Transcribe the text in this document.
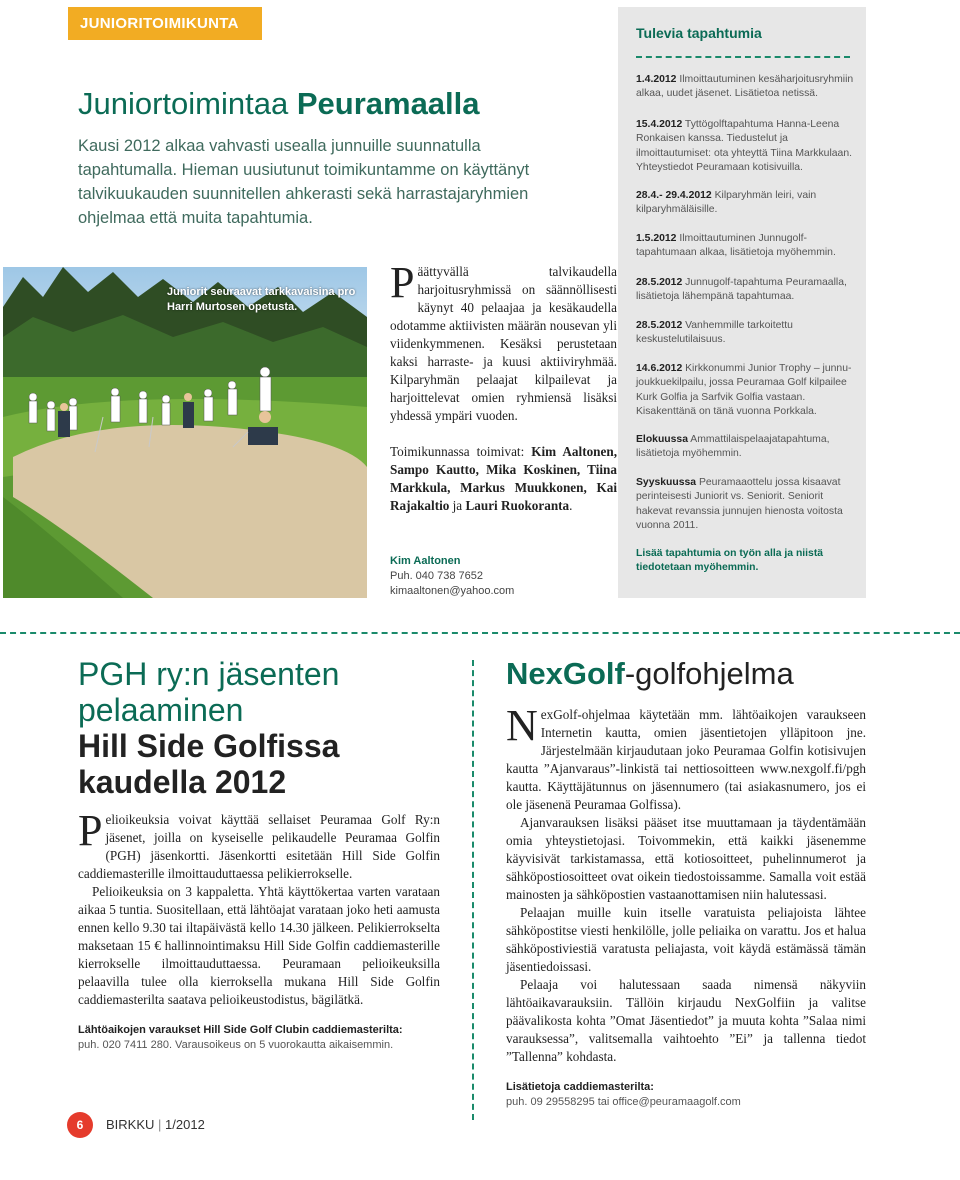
JUNIORITOIMIKUNTA
Juniortoimintaa Peuramaalla
Kausi 2012 alkaa vahvasti usealla junnuille suunnatulla tapahtumalla. Hieman uusiutunut toimikuntamme on käyttänyt talvikuukauden suunnitellen ahkerasti sekä harrastajaryhmien ohjelmaa että muita tapahtumia.
Juniorit seuraavat tarkkavaisina pro Harri Murtosen opetusta.	Päättyvällä talvikaudella harjoitusryhmissä on säännöllisesti käynyt 40 pelaajaa ja kesäkaudella odotamme aktiivisten määrän nousevan yli viidenkymmenen. Kesäksi perustetaan kaksi harraste- ja kuusi aktiiviryhmää. Kilparyhmän pelaajat kilpailevat ja harjoittelevat omien ryhmiensä lisäksi yhdessä ympäri vuoden.

Toimikunnassa toimivat: Kim Aaltonen, Sampo Kautto, Mika Koskinen, Tiina Markkula, Markus Muukkonen, Kai Rajakaltio ja Lauri Ruokoranta.

Kim Aaltonen
Puh. 040 738 7652
kimaaltonen@yahoo.com
Tulevia tapahtumia
1.4.2012 Ilmoittautuminen kesäharjoitusryhmiin alkaa, uudet jäsenet. Lisätietoa netissä.
15.4.2012 Tyttögolftapahtuma Hanna-Leena Ronkaisen kanssa. Tiedustelut ja ilmoittautumiset: ota yhteyttä Tiina Markkulaan. Yhteystiedot Peuramaan kotisivuilla.
28.4.- 29.4.2012 Kilparyhmän leiri, vain kilparyhmäläisille.
1.5.2012 Ilmoittautuminen Junnugolf-tapahtumaan alkaa, lisätietoja myöhemmin.
28.5.2012 Junnugolf-tapahtuma Peuramaalla, lisätietoja lähempänä tapahtumaa.
28.5.2012 Vanhemmille tarkoitettu keskustelutilaisuus.
14.6.2012 Kirkkonummi Junior Trophy – junnu-joukkuekilpailu, jossa Peuramaa Golf kilpailee Kurk Golfia ja Sarfvik Golfia vastaan. Kisakenttänä on tänä vuonna Porkkala.
Elokuussa Ammattilaispelaajatapahtuma, lisätietoja myöhemmin.
Syyskuussa Peuramaaottelu jossa kisaavat perinteisesti Juniorit vs. Seniorit. Seniorit hakevat revanssia junnujen hienosta voitosta vuonna 2011.
Lisää tapahtumia on työn alla ja niistä tiedotetaan myöhemmin.
PGH ry:n jäsenten
pelaaminen
Hill Side Golfissa
kaudella 2012

Pelioikeuksia voivat käyttää sellaiset Peuramaa Golf Ry:n jäsenet, joilla on kyseiselle pelikaudelle Peuramaa Golfin (PGH) jäsenkortti. Jäsenkortti esitetään Hill Side Golfin caddiemasterille ilmoittauduttaessa pelikierrokselle.

Pelioikeuksia on 3 kappaletta. Yhtä käyttökertaa varten varataan aikaa 5 tuntia. Suositellaan, että lähtöajat varataan joko heti aamusta ennen kello 9.30 tai iltapäivästä kello 14.30 jälkeen. Pelikierrokselta maksetaan 15 € hallinnointimaksu Hill Side Golfin caddiemasterille kierrokselle ilmoittauduttaessa. Peuramaan pelioikeuksilla pelaavilla tulee olla kierroksella mukana Hill Side Golfin caddiemasterilta saatava pelioikeustodistus, bägilätkä.

Lähtöaikojen varaukset Hill Side Golf Clubin caddiemasterilta:
puh. 020 7411 280. Varausoikeus on 5 vuorokautta aikaisemmin.
NexGolf-golfohjelma

NexGolf-ohjelmaa käytetään mm. lähtöaikojen varaukseen Internetin kautta, omien jäsentietojen ylläpitoon jne. Järjestelmään kirjaudutaan joko Peuramaa Golfin kotisivujen kautta ”Ajanvaraus”-linkistä tai nettiosoitteen www.nexgolf.fi/pgh kautta. Käyttäjätunnus on jäsennumero (tai asiakasnumero, jos ei ole jäsenenä Peuramaa Golfissa).

Ajanvarauksen lisäksi pääset itse muuttamaan ja täydentämään omia yhteystietojasi. Toivommekin, että kaikki jäsenemme käyvisivät tarkistamassa, että kotiosoitteet, puhelinnumerot ja sähköpostiosoitteet ovat oikein tiedostoissamme. Samalla voit estää mainosten ja sähköpostien vastaanottamisen niin halutessasi.

Pelaajan muille kuin itselle varatuista peliajoista lähtee sähköpostitse viesti henkilölle, jolle peliaika on varattu. Jos et halua sähköpostiviestiä varatusta peliajasta, voit käydä estämässä tämän jäsentiedoissasi.

Pelaaja voi halutessaan saada nimensä näkyviin lähtöaikavarauksiin. Tällöin kirjaudu NexGolfiin ja valitse päävalikosta kohta ”Omat Jäsentiedot” ja muuta kohta ”Salaa nimi varauksessa”, valitsemalla vaihtoehto ”Ei” ja tallenna tiedot ”Tallenna” kohdasta.

Lisätietoja caddiemasterilta:
puh. 09 29558295 tai office@peuramaagolf.com
6	BIRKKU | 1/2012
